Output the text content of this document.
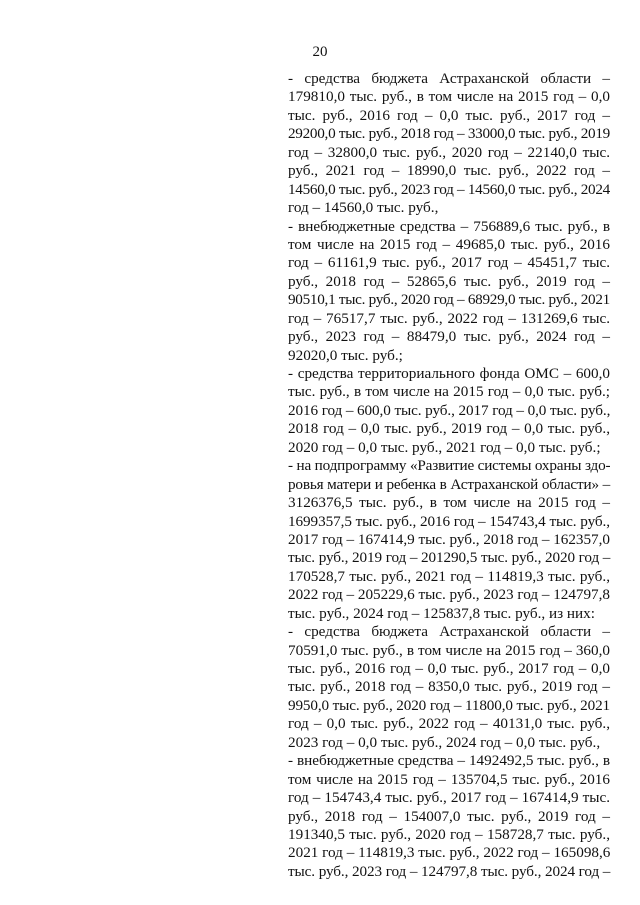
20
- средства бюджета Астраханской области –
179810,0 тыс. руб., в том числе на 2015 год – 0,0
тыс. руб., 2016 год – 0,0 тыс. руб., 2017 год –
29200,0 тыс. руб., 2018 год – 33000,0 тыс. руб., 2019
год – 32800,0 тыс. руб., 2020 год – 22140,0 тыс.
руб., 2021 год – 18990,0 тыс. руб., 2022 год –
14560,0 тыс. руб., 2023 год – 14560,0 тыс. руб., 2024
год – 14560,0 тыс. руб.,
- внебюджетные средства – 756889,6 тыс. руб., в
том числе на 2015 год – 49685,0 тыс. руб., 2016
год – 61161,9 тыс. руб., 2017 год – 45451,7 тыс.
руб., 2018 год – 52865,6 тыс. руб., 2019 год –
90510,1 тыс. руб., 2020 год – 68929,0 тыс. руб., 2021
год – 76517,7 тыс. руб., 2022 год – 131269,6 тыс.
руб., 2023 год – 88479,0 тыс. руб., 2024 год –
92020,0 тыс. руб.;
- средства территориального фонда ОМС – 600,0
тыс. руб., в том числе на 2015 год – 0,0 тыс. руб.;
2016 год – 600,0 тыс. руб., 2017 год – 0,0 тыс. руб.,
2018 год – 0,0 тыс. руб., 2019 год – 0,0 тыс. руб.,
2020 год – 0,0 тыс. руб., 2021 год – 0,0 тыс. руб.;
- на подпрограмму «Развитие системы охраны здо-
ровья матери и ребенка в Астраханской области» –
3126376,5 тыс. руб., в том числе на 2015 год –
1699357,5 тыс. руб., 2016 год – 154743,4 тыс. руб.,
2017 год – 167414,9 тыс. руб., 2018 год – 162357,0
тыс. руб., 2019 год – 201290,5 тыс. руб., 2020 год –
170528,7 тыс. руб., 2021 год – 114819,3 тыс. руб.,
2022 год – 205229,6 тыс. руб., 2023 год – 124797,8
тыс. руб., 2024 год – 125837,8 тыс. руб., из них:
- средства бюджета Астраханской области –
70591,0 тыс. руб., в том числе на 2015 год – 360,0
тыс. руб., 2016 год – 0,0 тыс. руб., 2017 год – 0,0
тыс. руб., 2018 год – 8350,0 тыс. руб., 2019 год –
9950,0 тыс. руб., 2020 год – 11800,0 тыс. руб., 2021
год – 0,0 тыс. руб., 2022 год – 40131,0 тыс. руб.,
2023 год – 0,0 тыс. руб., 2024 год – 0,0 тыс. руб.,
- внебюджетные средства – 1492492,5 тыс. руб., в
том числе на 2015 год – 135704,5 тыс. руб., 2016
год – 154743,4 тыс. руб., 2017 год – 167414,9 тыс.
руб., 2018 год – 154007,0 тыс. руб., 2019 год –
191340,5 тыс. руб., 2020 год – 158728,7 тыс. руб.,
2021 год – 114819,3 тыс. руб., 2022 год – 165098,6
тыс. руб., 2023 год – 124797,8 тыс. руб., 2024 год –
